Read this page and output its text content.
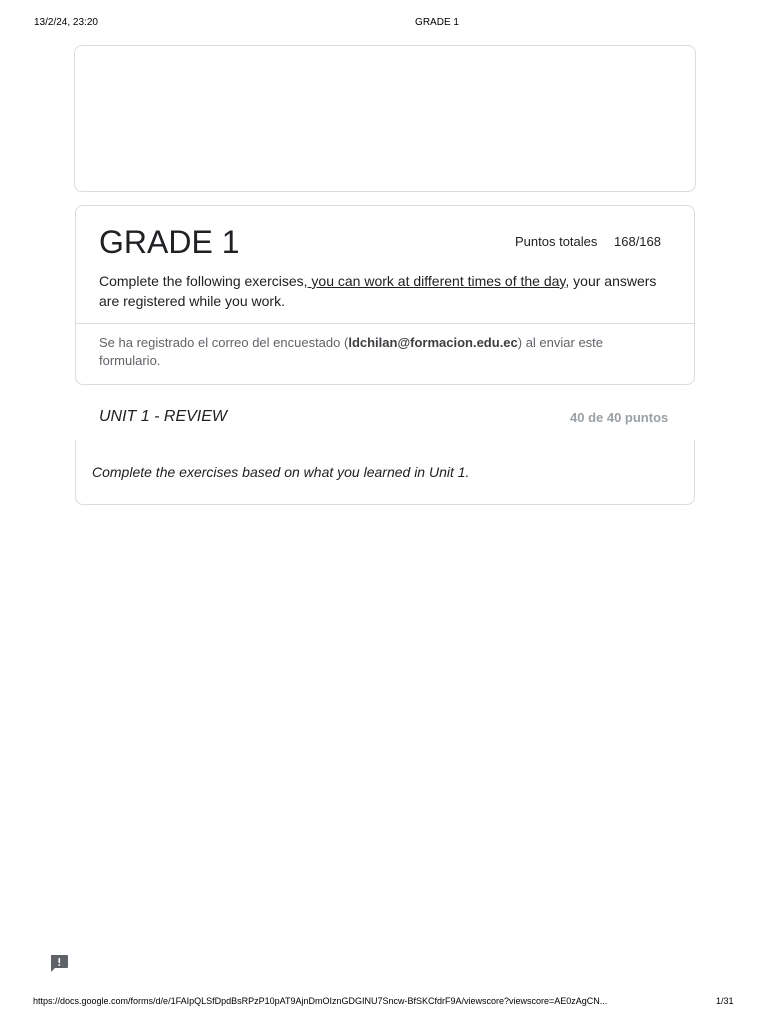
13/2/24, 23:20	GRADE 1
GRADE 1	Puntos totales 168/168
Complete the following exercises, you can work at different times of the day, your answers are registered while you work.
Se ha registrado el correo del encuestado (ldchilan@formacion.edu.ec) al enviar este formulario.
UNIT 1 - REVIEW	40 de 40 puntos
Complete the exercises based on what you learned in Unit 1.
https://docs.google.com/forms/d/e/1FAIpQLSfDpdBsRPzP10pAT9AjnDmOIznGDGINU7Sncw-BfSKCfdrF9A/viewscore?viewscore=AE0zAgCN...	1/31
